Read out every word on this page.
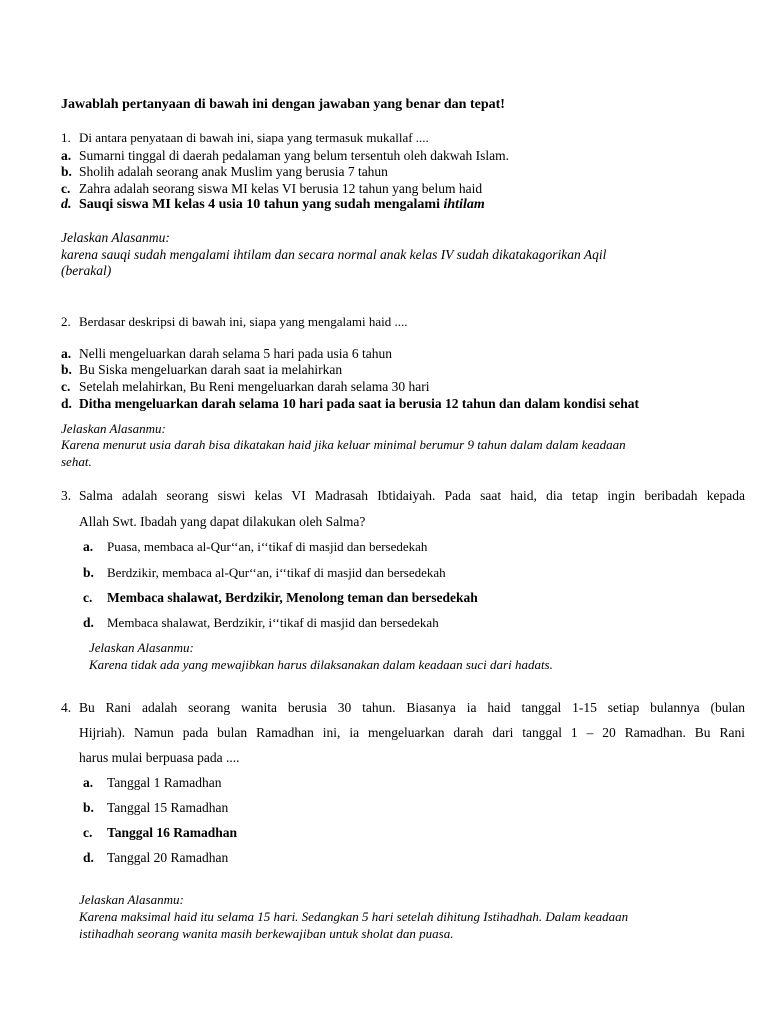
Jawablah pertanyaan di bawah ini dengan jawaban yang benar dan tepat!
1. Di antara penyataan di bawah ini, siapa yang termasuk mukallaf ....
a. Sumarni tinggal di daerah pedalaman yang belum tersentuh oleh dakwah Islam.
b. Sholih adalah seorang anak Muslim yang berusia 7 tahun
c. Zahra adalah seorang siswa MI kelas VI berusia 12 tahun yang belum haid
d. Sauqi siswa MI kelas 4 usia 10 tahun yang sudah mengalami ihtilam
Jelaskan Alasanmu:
karena sauqi sudah mengalami ihtilam dan secara normal anak kelas IV sudah dikatakagorikan Aqil
(berakal)
2. Berdasar deskripsi di bawah ini, siapa yang mengalami haid ....
a. Nelli mengeluarkan darah selama 5 hari pada usia 6 tahun
b. Bu Siska mengeluarkan darah saat ia melahirkan
c. Setelah melahirkan, Bu Reni mengeluarkan darah selama 30 hari
d. Ditha mengeluarkan darah selama 10 hari pada saat ia berusia 12 tahun dan dalam kondisi sehat
Jelaskan Alasanmu:
Karena menurut usia darah bisa dikatakan haid jika keluar minimal berumur 9 tahun dalam dalam keadaan
sehat.
3. Salma adalah seorang siswi kelas VI Madrasah Ibtidaiyah. Pada saat haid, dia tetap ingin beribadah kepada
Allah Swt. Ibadah yang dapat dilakukan oleh Salma?
a. Puasa, membaca al-Qur‘‘an, i‘‘tikaf di masjid dan bersedekah
b. Berdzikir, membaca al-Qur‘‘an, i‘‘tikaf di masjid dan bersedekah
c. Membaca shalawat, Berdzikir, Menolong teman dan bersedekah
d. Membaca shalawat, Berdzikir, i‘‘tikaf di masjid dan bersedekah
Jelaskan Alasanmu:
Karena tidak ada yang mewajibkan harus dilaksanakan dalam keadaan suci dari hadats.
4. Bu Rani adalah seorang wanita berusia 30 tahun. Biasanya ia haid tanggal 1-15 setiap bulannya (bulan
Hijriah). Namun pada bulan Ramadhan ini, ia mengeluarkan darah dari tanggal 1 – 20 Ramadhan. Bu Rani
harus mulai berpuasa pada ....
a. Tanggal 1 Ramadhan
b. Tanggal 15 Ramadhan
c. Tanggal 16 Ramadhan
d. Tanggal 20 Ramadhan
Jelaskan Alasanmu:
Karena maksimal haid itu selama 15 hari. Sedangkan 5 hari setelah dihitung Istihadhah. Dalam keadaan
istihadhah seorang wanita masih berkewajiban untuk sholat dan puasa.
